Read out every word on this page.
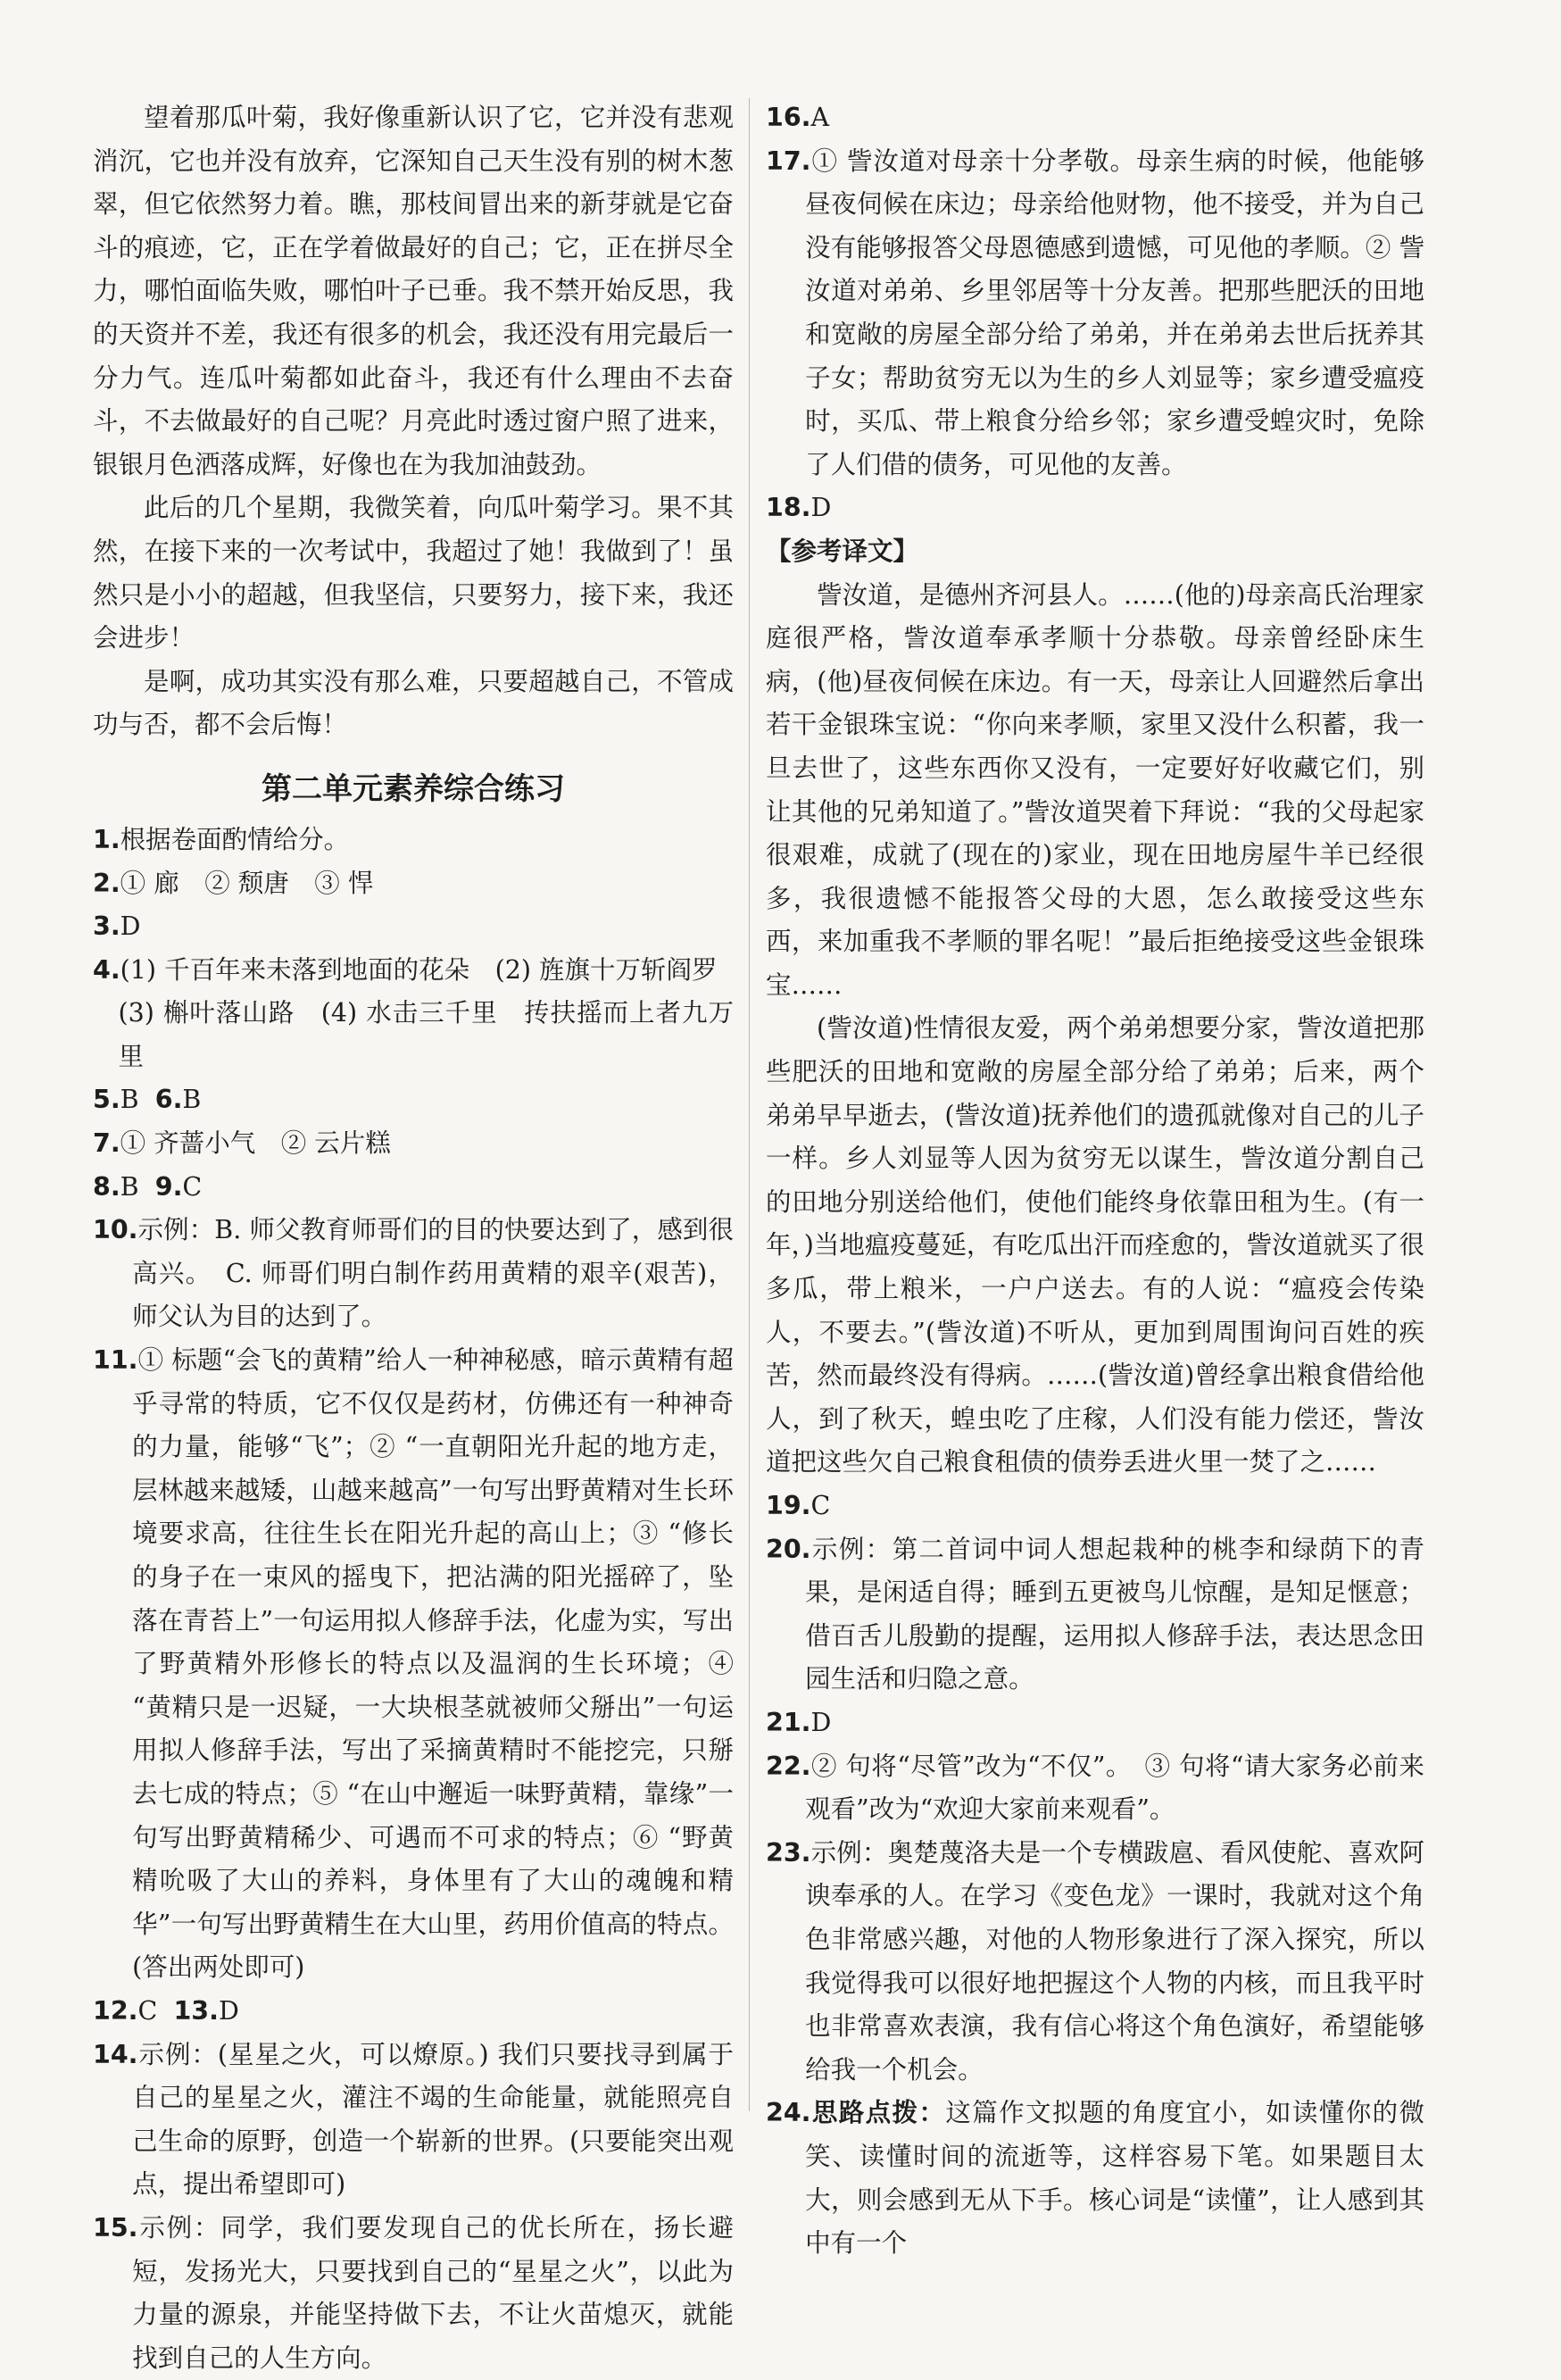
望着那瓜叶菊，我好像重新认识了它，它并没有悲观消沉，它也并没有放弃，它深知自己天生没有别的树木葱翠，但它依然努力着。瞧，那枝间冒出来的新芽就是它奋斗的痕迹，它，正在学着做最好的自己；它，正在拼尽全力，哪怕面临失败，哪怕叶子已垂。我不禁开始反思，我的天资并不差，我还有很多的机会，我还没有用完最后一分力气。连瓜叶菊都如此奋斗，我还有什么理由不去奋斗，不去做最好的自己呢？月亮此时透过窗户照了进来，银银月色洒落成辉，好像也在为我加油鼓劲。

此后的几个星期，我微笑着，向瓜叶菊学习。果不其然，在接下来的一次考试中，我超过了她！我做到了！虽然只是小小的超越，但我坚信，只要努力，接下来，我还会进步！

是啊，成功其实没有那么难，只要超越自己，不管成功与否，都不会后悔！

第二单元素养综合练习

1.根据卷面酌情给分。

2.① 廊　② 颓唐　③ 悍

3.D

4.(1) 千百年来未落到地面的花朵　(2) 旌旗十万斩阎罗

(3) 槲叶落山路　(4) 水击三千里　抟扶摇而上者九万里

5.B 6.B

7.① 齐蔷小气　② 云片糕

8.B 9.C

10.示例：B. 师父教育师哥们的目的快要达到了，感到很高兴。　C. 师哥们明白制作药用黄精的艰辛(艰苦)，师父认为目的达到了。

11.① 标题“会飞的黄精”给人一种神秘感，暗示黄精有超乎寻常的特质，它不仅仅是药材，仿佛还有一种神奇的力量，能够“飞”；② “一直朝阳光升起的地方走，层林越来越矮，山越来越高”一句写出野黄精对生长环境要求高，往往生长在阳光升起的高山上；③ “修长的身子在一束风的摇曳下，把沾满的阳光摇碎了，坠落在青苔上”一句运用拟人修辞手法，化虚为实，写出了野黄精外形修长的特点以及温润的生长环境；④ “黄精只是一迟疑，一大块根茎就被师父掰出”一句运用拟人修辞手法，写出了采摘黄精时不能挖完，只掰去七成的特点；⑤ “在山中邂逅一味野黄精，靠缘”一句写出野黄精稀少、可遇而不可求的特点；⑥ “野黄精吮吸了大山的养料，身体里有了大山的魂魄和精华”一句写出野黄精生在大山里，药用价值高的特点。(答出两处即可)

12.C 13.D

14.示例：(星星之火，可以燎原。) 我们只要找寻到属于自己的星星之火，灌注不竭的生命能量，就能照亮自己生命的原野，创造一个崭新的世界。(只要能突出观点，提出希望即可)

15.示例：同学，我们要发现自己的优长所在，扬长避短，发扬光大，只要找到自己的“星星之火”，以此为力量的源泉，并能坚持做下去，不让火苗熄灭，就能找到自己的人生方向。

16.A

17.① 訾汝道对母亲十分孝敬。母亲生病的时候，他能够昼夜伺候在床边；母亲给他财物，他不接受，并为自己没有能够报答父母恩德感到遗憾，可见他的孝顺。② 訾汝道对弟弟、乡里邻居等十分友善。把那些肥沃的田地和宽敞的房屋全部分给了弟弟，并在弟弟去世后抚养其子女；帮助贫穷无以为生的乡人刘显等；家乡遭受瘟疫时，买瓜、带上粮食分给乡邻；家乡遭受蝗灾时，免除了人们借的债务，可见他的友善。

18.D

【参考译文】

訾汝道，是德州齐河县人。……(他的)母亲高氏治理家庭很严格，訾汝道奉承孝顺十分恭敬。母亲曾经卧床生病，(他)昼夜伺候在床边。有一天，母亲让人回避然后拿出若干金银珠宝说：“你向来孝顺，家里又没什么积蓄，我一旦去世了，这些东西你又没有，一定要好好收藏它们，别让其他的兄弟知道了。”訾汝道哭着下拜说：“我的父母起家很艰难，成就了(现在的)家业，现在田地房屋牛羊已经很多，我很遗憾不能报答父母的大恩，怎么敢接受这些东西，来加重我不孝顺的罪名呢！”最后拒绝接受这些金银珠宝……

(訾汝道)性情很友爱，两个弟弟想要分家，訾汝道把那些肥沃的田地和宽敞的房屋全部分给了弟弟；后来，两个弟弟早早逝去，(訾汝道)抚养他们的遗孤就像对自己的儿子一样。乡人刘显等人因为贫穷无以谋生，訾汝道分割自己的田地分别送给他们，使他们能终身依靠田租为生。(有一年，)当地瘟疫蔓延，有吃瓜出汗而痊愈的，訾汝道就买了很多瓜，带上粮米，一户户送去。有的人说：“瘟疫会传染人，不要去。”(訾汝道)不听从，更加到周围询问百姓的疾苦，然而最终没有得病。……(訾汝道)曾经拿出粮食借给他人，到了秋天，蝗虫吃了庄稼，人们没有能力偿还，訾汝道把这些欠自己粮食租债的债券丢进火里一焚了之……

19.C

20.示例：第二首词中词人想起栽种的桃李和绿荫下的青果，是闲适自得；睡到五更被鸟儿惊醒，是知足惬意；借百舌儿殷勤的提醒，运用拟人修辞手法，表达思念田园生活和归隐之意。

21.D

22.② 句将“尽管”改为“不仅”。　③ 句将“请大家务必前来观看”改为“欢迎大家前来观看”。

23.示例：奥楚蔑洛夫是一个专横跋扈、看风使舵、喜欢阿谀奉承的人。在学习《变色龙》一课时，我就对这个角色非常感兴趣，对他的人物形象进行了深入探究，所以我觉得我可以很好地把握这个人物的内核，而且我平时也非常喜欢表演，我有信心将这个角色演好，希望能够给我一个机会。

24.思路点拨：这篇作文拟题的角度宜小，如读懂你的微笑、读懂时间的流逝等，这样容易下笔。如果题目太大，则会感到无从下手。核心词是“读懂”，让人感到其中有一个
